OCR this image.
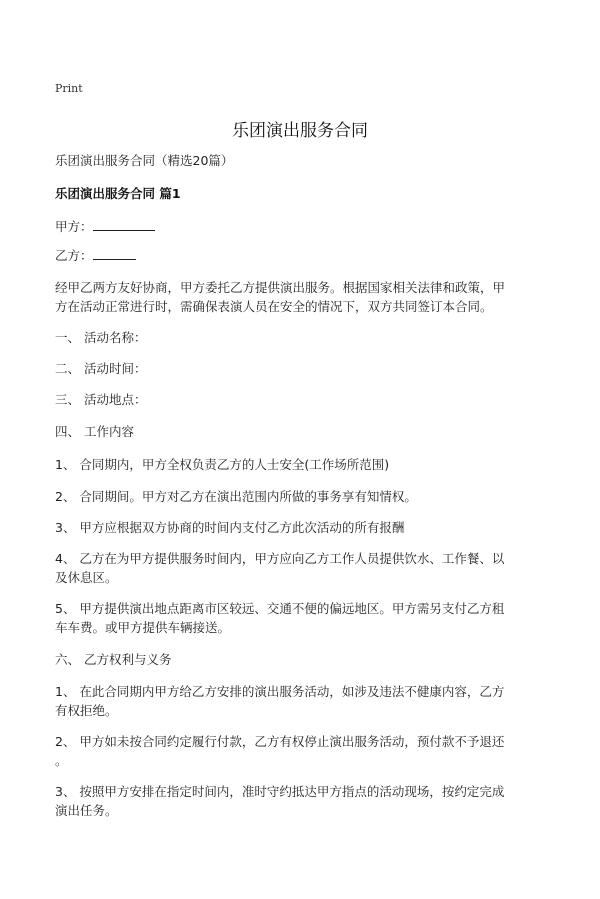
Print
乐团演出服务合同
乐团演出服务合同（精选20篇）
乐团演出服务合同 篇1
甲方：
乙方：
经甲乙两方友好协商，甲方委托乙方提供演出服务。根据国家相关法律和政策，甲
方在活动正常进行时，需确保表演人员在安全的情况下，双方共同签订本合同。
一、 活动名称：
二、 活动时间：
三、 活动地点：
四、 工作内容
1、 合同期内，甲方全权负责乙方的人士安全(工作场所范围)
2、 合同期间。甲方对乙方在演出范围内所做的事务享有知情权。
3、 甲方应根据双方协商的时间内支付乙方此次活动的所有报酬
4、 乙方在为甲方提供服务时间内，甲方应向乙方工作人员提供饮水、工作餐、以
及休息区。
5、 甲方提供演出地点距离市区较远、交通不便的偏远地区。甲方需另支付乙方租
车车费。或甲方提供车辆接送。
六、 乙方权利与义务
1、 在此合同期内甲方给乙方安排的演出服务活动，如涉及违法不健康内容，乙方
有权拒绝。
2、 甲方如未按合同约定履行付款，乙方有权停止演出服务活动，预付款不予退还
。
3、 按照甲方安排在指定时间内，准时守约抵达甲方指点的活动现场，按约定完成
演出任务。
